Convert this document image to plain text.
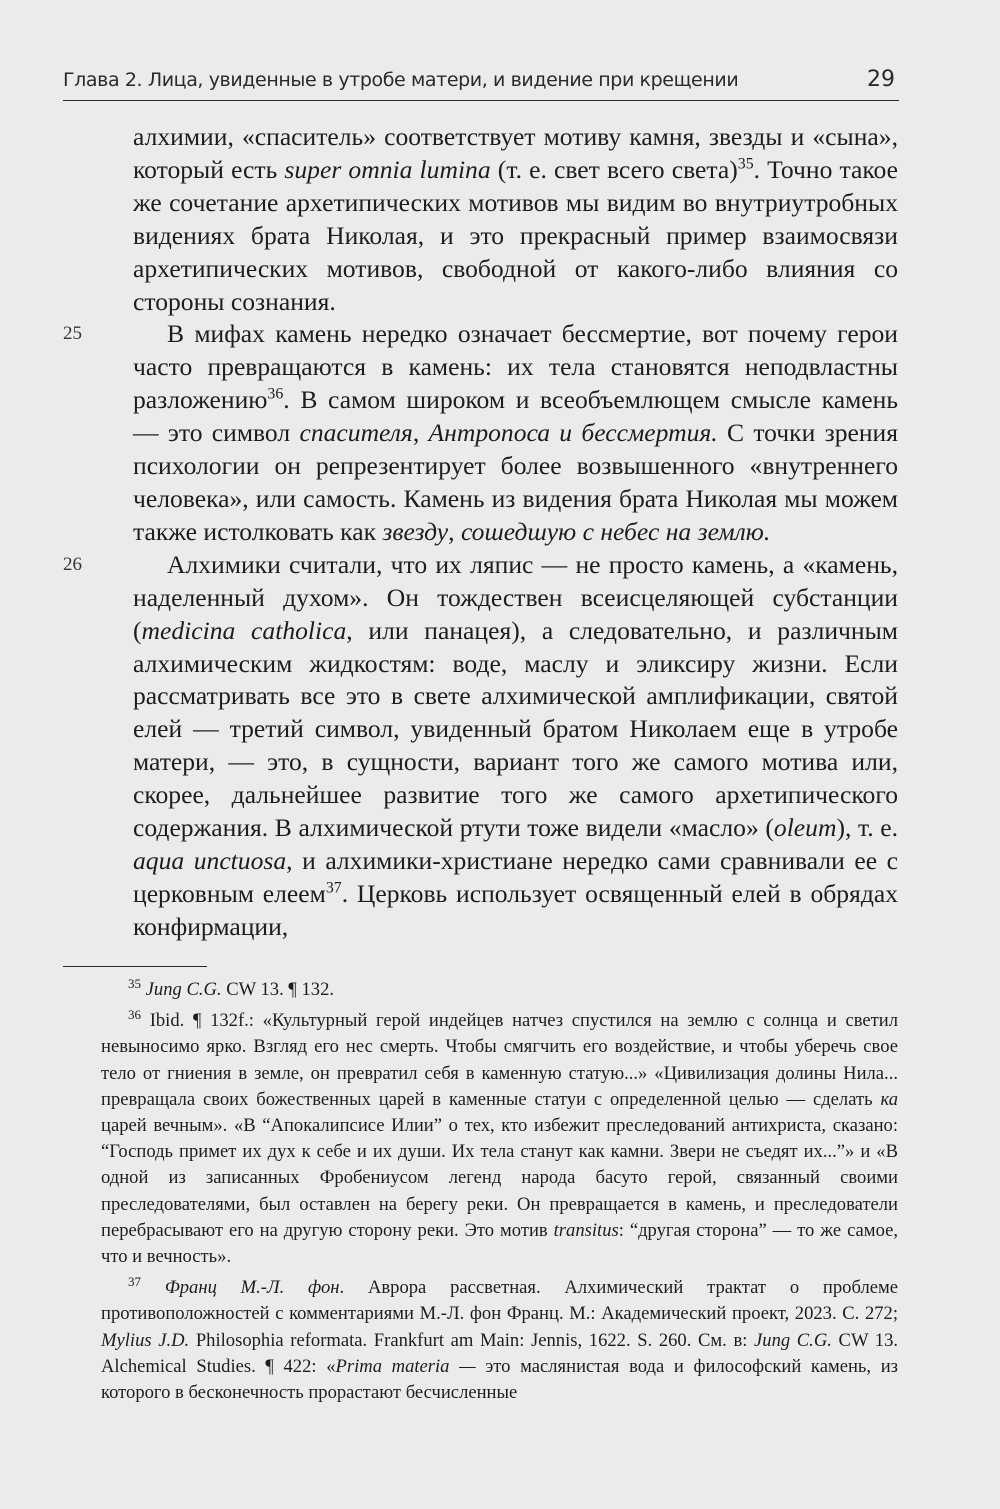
Глава 2. Лица, увиденные в утробе матери, и видение при крещении	29

алхимии, «спаситель» соответствует мотиву камня, звезды и «сына», который есть super omnia lumina (т. е. свет всего света)$^{35}$. Точно такое же сочетание архетипических мотивов мы видим во внутриутробных видениях брата Николая, и это прекрасный пример взаимосвязи архетипических мотивов, свободной от какого-либо влияния со стороны сознания.

25	В мифах камень нередко означает бессмертие, вот почему герои часто превращаются в камень: их тела становятся неподвластны разложению$^{36}$. В самом широком и всеобъемлющем смысле камень — это символ спасителя, Антропоса и бессмертия. С точки зрения психологии он репрезентирует более возвышенного «внутреннего человека», или самость. Камень из видения брата Николая мы можем также истолковать как звезду, сошедшую с небес на землю.

26	Алхимики считали, что их ляпис — не просто камень, а «камень, наделенный духом». Он тождествен всеисцеляющей субстанции (medicina catholica, или панацея), а следовательно, и различным алхимическим жидкостям: воде, маслу и эликсиру жизни. Если рассматривать все это в свете алхимической амплификации, святой елей — третий символ, увиденный братом Николаем еще в утробе матери, — это, в сущности, вариант того же самого мотива или, скорее, дальнейшее развитие того же самого архетипического содержания. В алхимической ртути тоже видели «масло» (oleum), т. е. aqua unctuosa, и алхимики-христиане нередко сами сравнивали ее с церковным елеем$^{37}$. Церковь использует освященный елей в обрядах конфирмации,

$^{35}$ Jung C.G. CW 13. ¶ 132.

$^{36}$ Ibid. ¶ 132f.: «Культурный герой индейцев натчез спустился на землю с солнца и светил невыносимо ярко. Взгляд его нес смерть. Чтобы смягчить его воздействие, и чтобы уберечь свое тело от гниения в земле, он превратил себя в каменную статую...» «Цивилизация долины Нила... превращала своих божественных царей в каменные статуи с определенной целью — сделать ка царей вечным». «В “Апокалипсисе Илии” о тех, кто избежит преследований антихриста, сказано: “Господь примет их дух к себе и их души. Их тела станут как камни. Звери не съедят их...”» и «В одной из записанных Фробениусом легенд народа басуто герой, связанный своими преследователями, был оставлен на берегу реки. Он превращается в камень, и преследователи перебрасывают его на другую сторону реки. Это мотив transitus: “другая сторона” — то же самое, что и вечность».

$^{37}$ Франц М.-Л. фон. Аврора рассветная. Алхимический трактат о проблеме противоположностей с комментариями М.-Л. фон Франц. М.: Академический проект, 2023. С. 272; Mylius J.D. Philosophia reformata. Frankfurt am Main: Jennis, 1622. S. 260. См. в: Jung C.G. CW 13. Alchemical Studies. ¶ 422: «Prima materia — это маслянистая вода и философский камень, из которого в бесконечность прорастают бесчисленные
